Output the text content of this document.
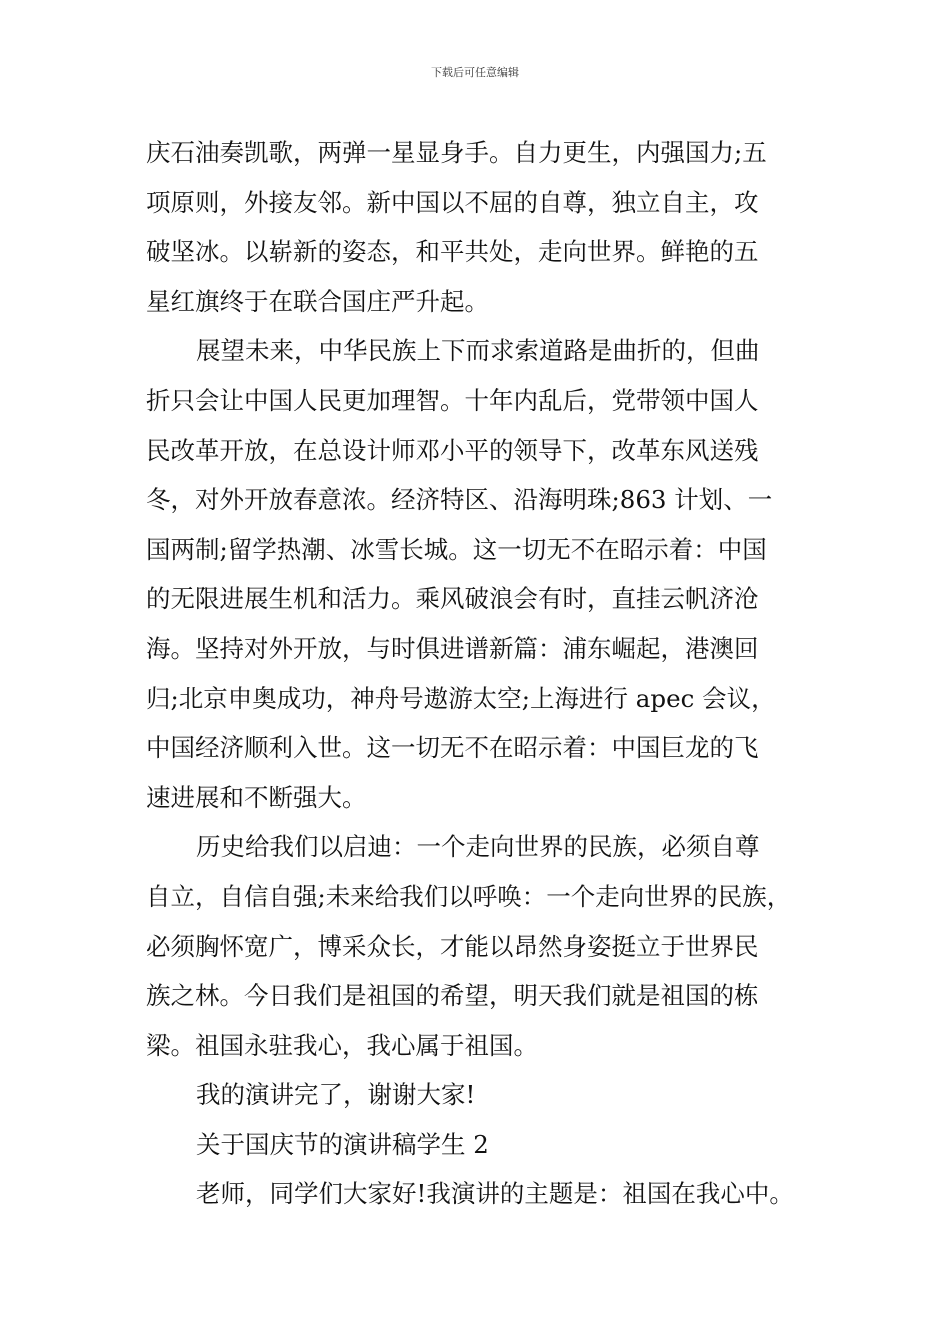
下载后可任意编辑
庆石油奏凯歌，两弹一星显身手。自力更生，内强国力;五
项原则，外接友邻。新中国以不屈的自尊，独立自主，攻
破坚冰。以崭新的姿态，和平共处，走向世界。鲜艳的五
星红旗终于在联合国庄严升起。
展望未来，中华民族上下而求索道路是曲折的，但曲
折只会让中国人民更加理智。十年内乱后，党带领中国人
民改革开放，在总设计师邓小平的领导下，改革东风送残
冬，对外开放春意浓。经济特区、沿海明珠;863 计划、一
国两制;留学热潮、冰雪长城。这一切无不在昭示着：中国
的无限进展生机和活力。乘风破浪会有时，直挂云帆济沧
海。坚持对外开放，与时俱进谱新篇：浦东崛起，港澳回
归;北京申奥成功，神舟号遨游太空;上海进行 apec 会议，
中国经济顺利入世。这一切无不在昭示着：中国巨龙的飞
速进展和不断强大。
历史给我们以启迪：一个走向世界的民族，必须自尊
自立，自信自强;未来给我们以呼唤：一个走向世界的民族，
必须胸怀宽广，博采众长，才能以昂然身姿挺立于世界民
族之林。今日我们是祖国的希望，明天我们就是祖国的栋
梁。祖国永驻我心，我心属于祖国。
我的演讲完了，谢谢大家!
关于国庆节的演讲稿学生 2
老师，同学们大家好!我演讲的主题是：祖国在我心中。
